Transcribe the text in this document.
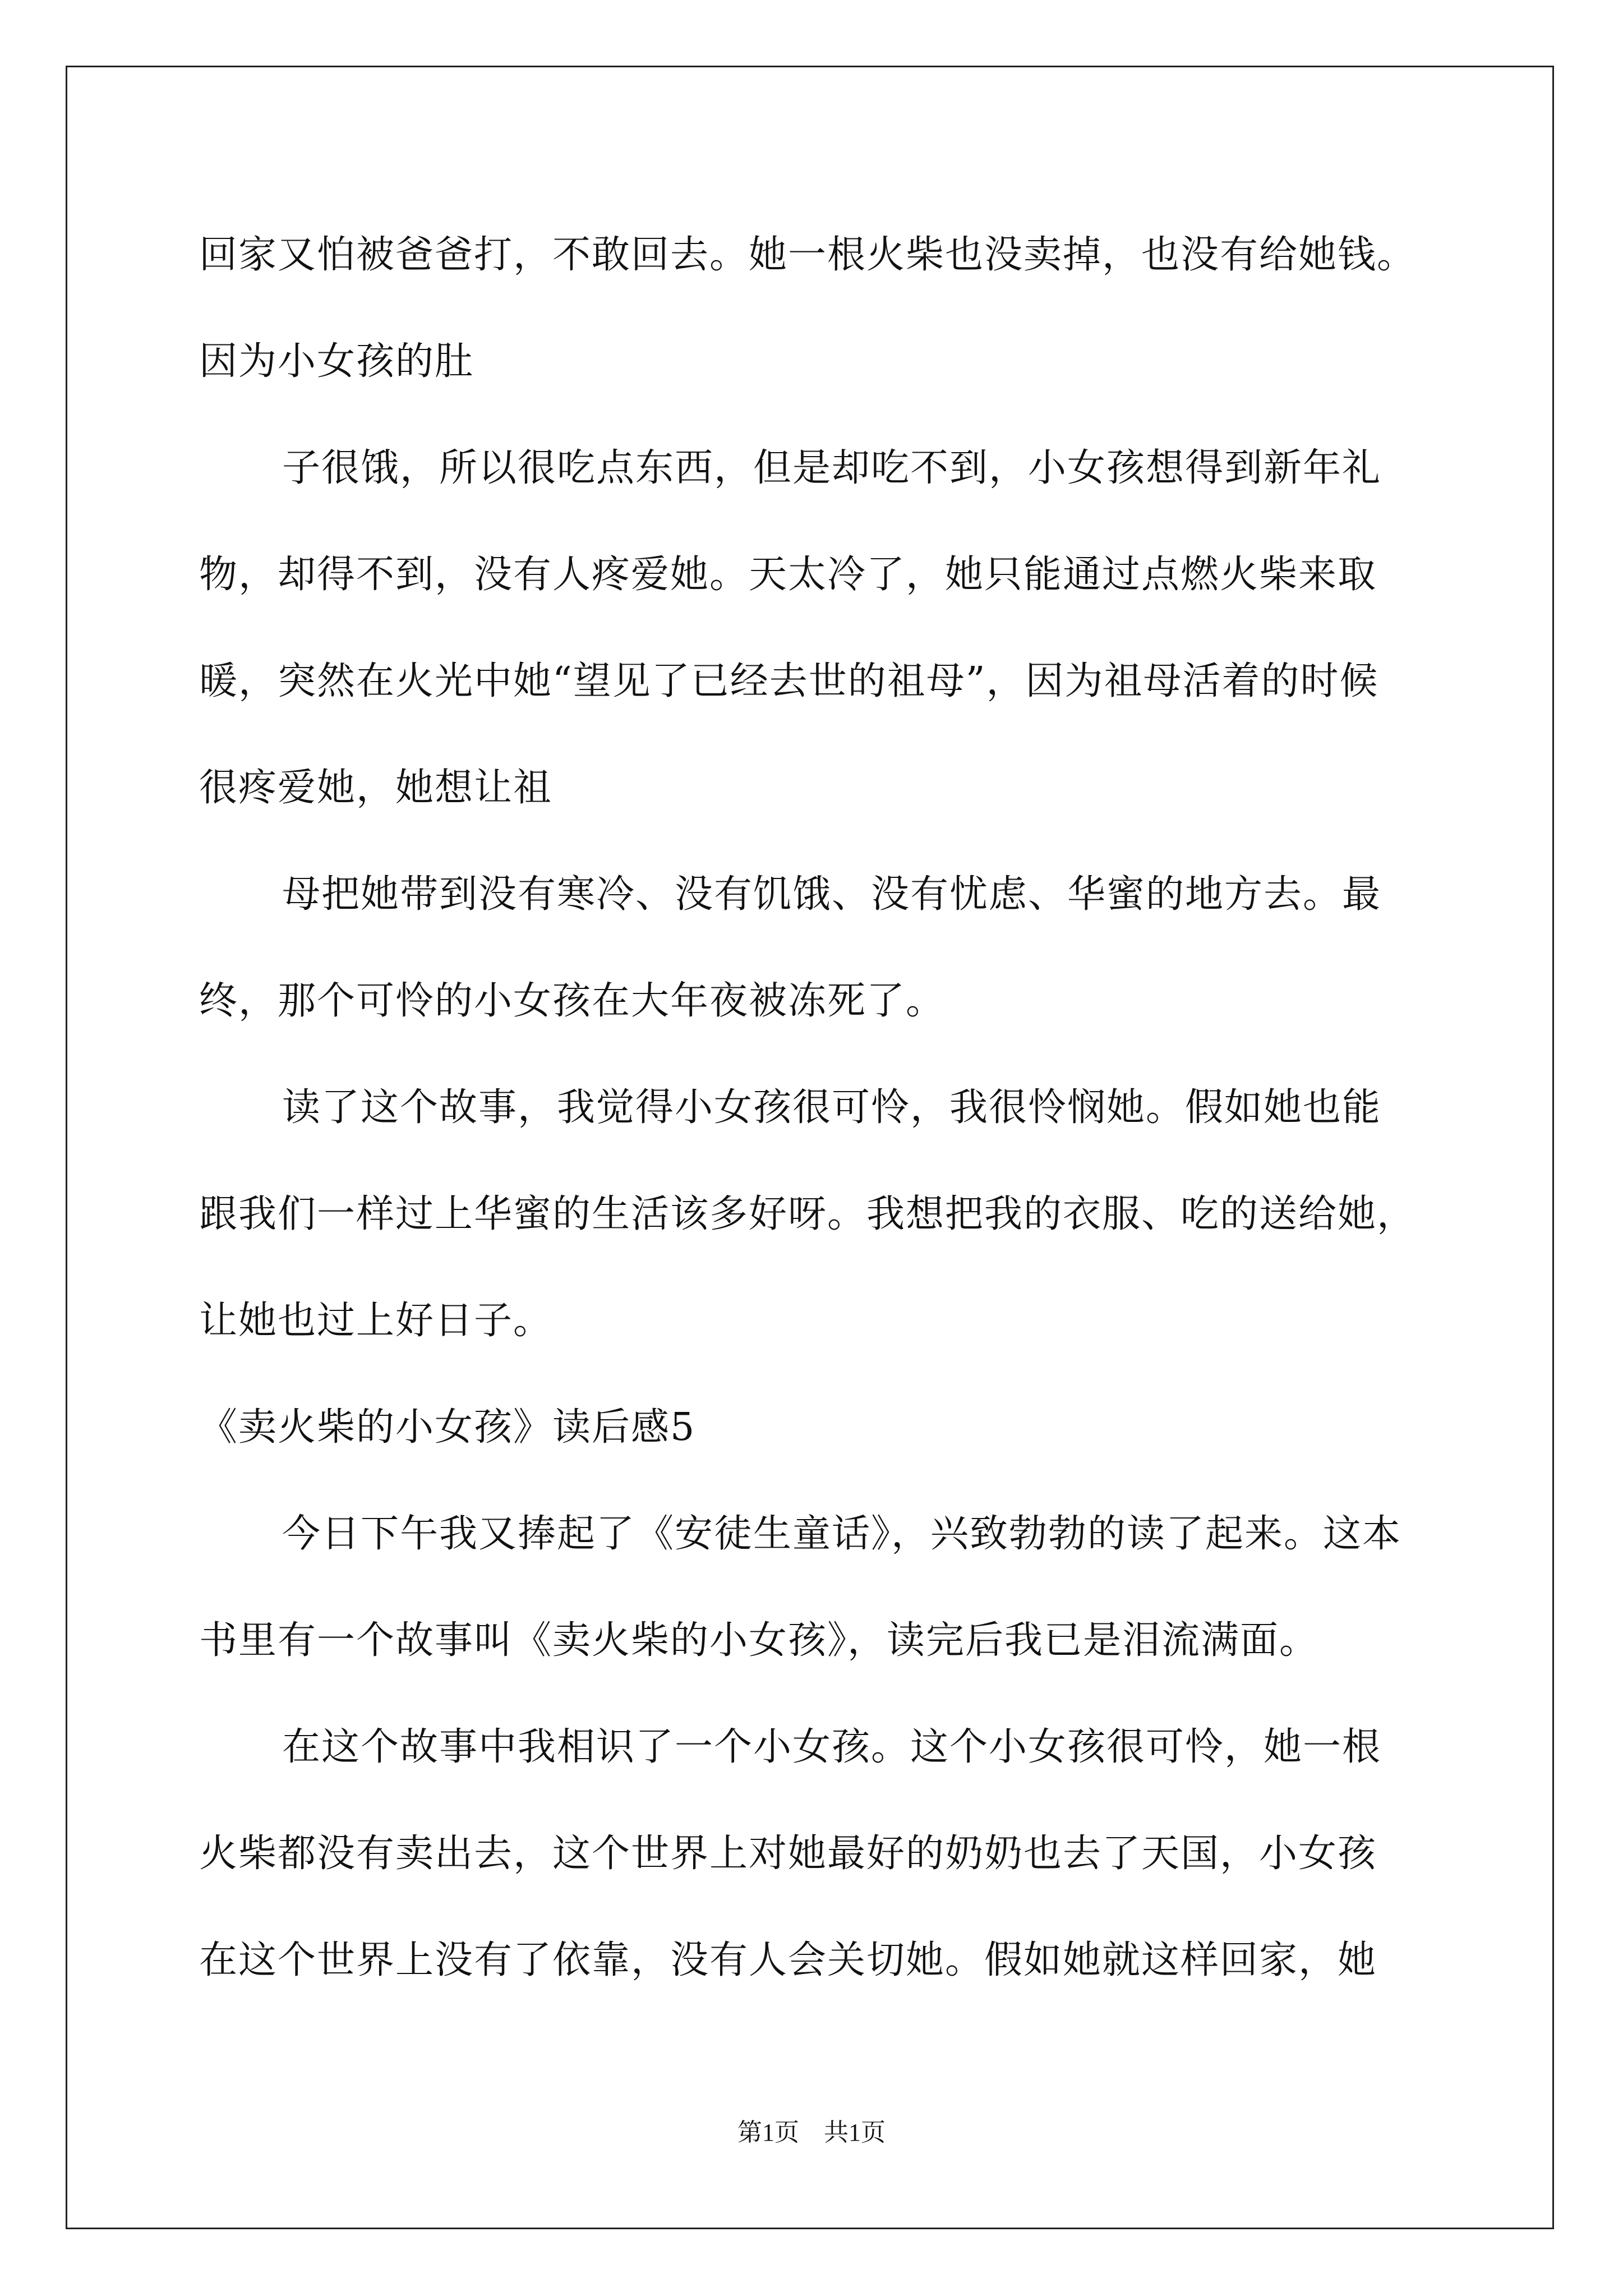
回家又怕被爸爸打，不敢回去。她一根火柴也没卖掉，也没有给她钱。
因为小女孩的肚
子很饿，所以很吃点东西，但是却吃不到，小女孩想得到新年礼
物，却得不到，没有人疼爱她。天太冷了，她只能通过点燃火柴来取
暖，突然在火光中她“望见了已经去世的祖母”，因为祖母活着的时候
很疼爱她，她想让祖
母把她带到没有寒冷、没有饥饿、没有忧虑、华蜜的地方去。最
终，那个可怜的小女孩在大年夜被冻死了。
读了这个故事，我觉得小女孩很可怜，我很怜悯她。假如她也能
跟我们一样过上华蜜的生活该多好呀。我想把我的衣服、吃的送给她，
让她也过上好日子。
《卖火柴的小女孩》读后感5
今日下午我又捧起了《安徒生童话》，兴致勃勃的读了起来。这本
书里有一个故事叫《卖火柴的小女孩》，读完后我已是泪流满面。
在这个故事中我相识了一个小女孩。这个小女孩很可怜，她一根
火柴都没有卖出去，这个世界上对她最好的奶奶也去了天国，小女孩
在这个世界上没有了依靠，没有人会关切她。假如她就这样回家，她
第1页　共1页
